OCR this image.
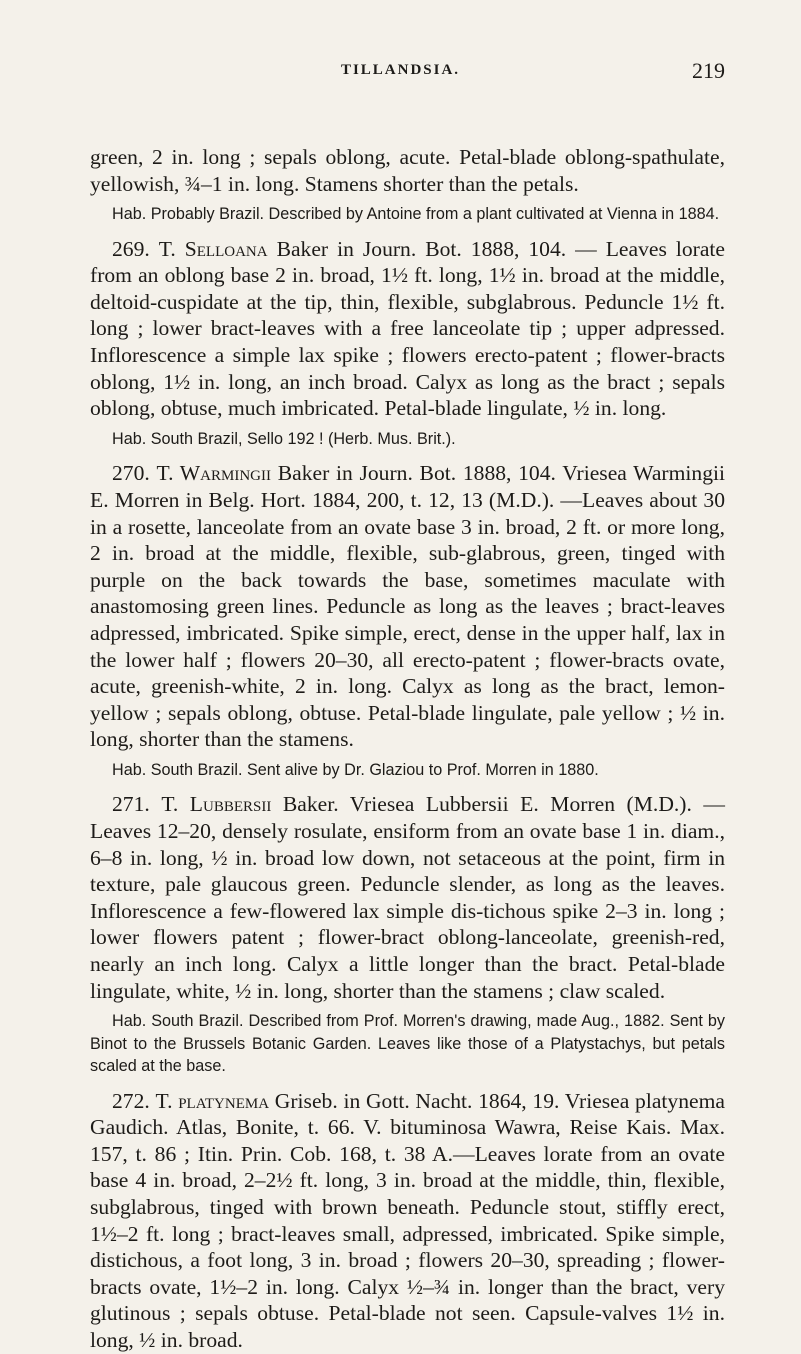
TILLANDSIA.	219

green, 2 in. long ; sepals oblong, acute. Petal-blade oblong-spathulate, yellowish, ¾–1 in. long. Stamens shorter than the petals.

Hab. Probably Brazil. Described by Antoine from a plant cultivated at Vienna in 1884.

269. T. Selloana Baker in Journ. Bot. 1888, 104. — Leaves lorate from an oblong base 2 in. broad, 1½ ft. long, 1½ in. broad at the middle, deltoid-cuspidate at the tip, thin, flexible, subglabrous. Peduncle 1½ ft. long ; lower bract-leaves with a free lanceolate tip ; upper adpressed. Inflorescence a simple lax spike ; flowers erecto-patent ; flower-bracts oblong, 1½ in. long, an inch broad. Calyx as long as the bract ; sepals oblong, obtuse, much imbricated. Petal-blade lingulate, ½ in. long.

Hab. South Brazil, Sello 192 ! (Herb. Mus. Brit.).

270. T. Warmingii Baker in Journ. Bot. 1888, 104. Vriesea Warmingii E. Morren in Belg. Hort. 1884, 200, t. 12, 13 (M.D.). —Leaves about 30 in a rosette, lanceolate from an ovate base 3 in. broad, 2 ft. or more long, 2 in. broad at the middle, flexible, sub-glabrous, green, tinged with purple on the back towards the base, sometimes maculate with anastomosing green lines. Peduncle as long as the leaves ; bract-leaves adpressed, imbricated. Spike simple, erect, dense in the upper half, lax in the lower half ; flowers 20–30, all erecto-patent ; flower-bracts ovate, acute, greenish-white, 2 in. long. Calyx as long as the bract, lemon-yellow ; sepals oblong, obtuse. Petal-blade lingulate, pale yellow ; ½ in. long, shorter than the stamens.

Hab. South Brazil. Sent alive by Dr. Glaziou to Prof. Morren in 1880.

271. T. Lubbersii Baker. Vriesea Lubbersii E. Morren (M.D.). —Leaves 12–20, densely rosulate, ensiform from an ovate base 1 in. diam., 6–8 in. long, ½ in. broad low down, not setaceous at the point, firm in texture, pale glaucous green. Peduncle slender, as long as the leaves. Inflorescence a few-flowered lax simple dis-tichous spike 2–3 in. long ; lower flowers patent ; flower-bract oblong-lanceolate, greenish-red, nearly an inch long. Calyx a little longer than the bract. Petal-blade lingulate, white, ½ in. long, shorter than the stamens ; claw scaled.

Hab. South Brazil. Described from Prof. Morren's drawing, made Aug., 1882. Sent by Binot to the Brussels Botanic Garden. Leaves like those of a Platystachys, but petals scaled at the base.

272. T. platynema Griseb. in Gott. Nacht. 1864, 19. Vriesea platynema Gaudich. Atlas, Bonite, t. 66. V. bituminosa Wawra, Reise Kais. Max. 157, t. 86 ; Itin. Prin. Cob. 168, t. 38 A.—Leaves lorate from an ovate base 4 in. broad, 2–2½ ft. long, 3 in. broad at the middle, thin, flexible, subglabrous, tinged with brown beneath. Peduncle stout, stiffly erect, 1½–2 ft. long ; bract-leaves small, adpressed, imbricated. Spike simple, distichous, a foot long, 3 in. broad ; flowers 20–30, spreading ; flower-bracts ovate, 1½–2 in. long. Calyx ½–¾ in. longer than the bract, very glutinous ; sepals obtuse. Petal-blade not seen. Capsule-valves 1½ in. long, ½ in. broad.
